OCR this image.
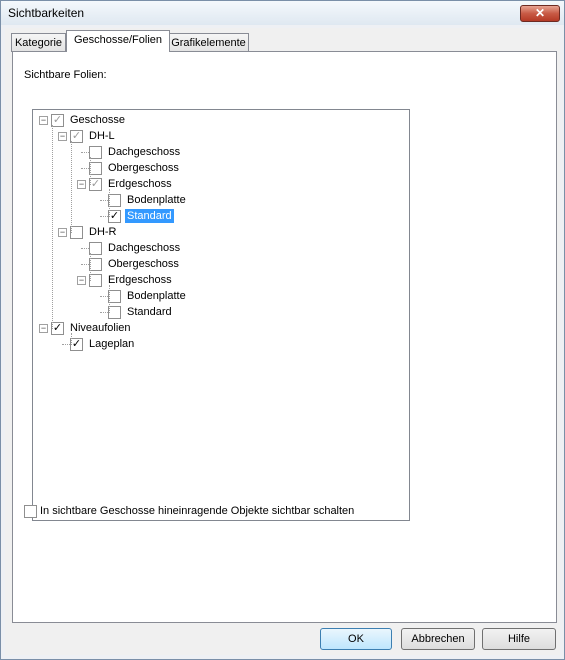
Sichtbarkeiten	✕
Kategorie	Geschosse/Folien Grafikelemente
Sichtbare Folien:
− ✓ Geschosse
− ✓ DH-L
Dachgeschoss
Obergeschoss
− ✓ Erdgeschoss
Bodenplatte
✓ Standard
− DH-R
Dachgeschoss
Obergeschoss
− Erdgeschoss
Bodenplatte
Standard
− ✓ Niveaufolien
✓ Lageplan
In sichtbare Geschosse hineinragende Objekte sichtbar schalten
OK	Abbrechen	Hilfe
